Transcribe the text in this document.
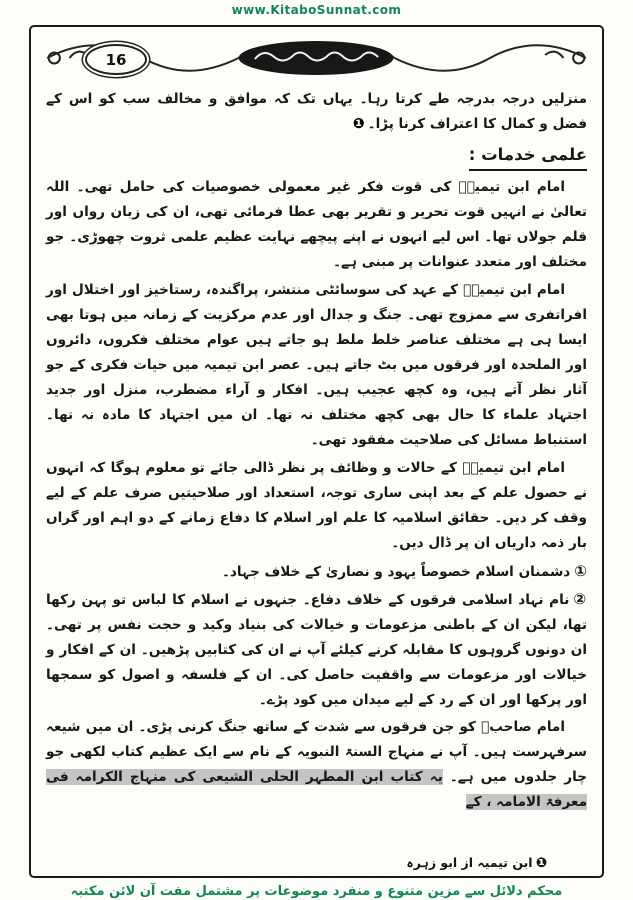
www.KitaboSunnat.com
16

منزلیں درجہ بدرجہ طے کرتا رہا۔ یہاں تک کہ موافق و مخالف سب کو اس کے فضل و کمال کا اعتراف کرنا پڑا۔❶

علمی خدمات :

امام ابن تیمیہؒ کی قوت فکر غیر معمولی خصوصیات کی حامل تھی۔ اللہ تعالیٰ نے انہیں قوت تحریر و تقریر بھی عطا فرمائی تھی، ان کی زبان رواں اور قلم جولاں تھا۔ اس لیے انہوں نے اپنے پیچھے نہایت عظیم علمی ثروت چھوڑی۔ جو مختلف اور متعدد عنوانات پر مبنی ہے۔

امام ابن تیمیہؒ کے عہد کی سوسائٹی منتشر، پراگندہ، رستاخیز اور اختلال اور افراتفری سے ممزوج تھی۔ جنگ و جدال اور عدم مرکزیت کے زمانہ میں ہوتا بھی ایسا ہی ہے مختلف عناصر خلط ملط ہو جاتے ہیں عوام مختلف فکروں، دائروں اور الملحدہ اور فرقوں میں بٹ جاتے ہیں۔ عصر ابن تیمیہ میں حیات فکری کے جو آثار نظر آتے ہیں، وہ کچھ عجیب ہیں۔ افکار و آراء مضطرب، منزل اور جدید اجتہاد علماء کا حال بھی کچھ مختلف نہ تھا۔ ان میں اجتہاد کا مادہ نہ تھا۔ استنباط مسائل کی صلاحیت مفقود تھی۔

امام ابن تیمیہؒ کے حالات و وظائف پر نظر ڈالی جائے تو معلوم ہوگا کہ انہوں نے حصول علم کے بعد اپنی ساری توجہ، استعداد اور صلاحیتیں صرف علم کے لیے وقف کر دیں۔ حقائق اسلامیہ کا علم اور اسلام کا دفاع زمانے کے دو اہم اور گراں بار ذمہ داریاں ان پر ڈال دیں۔

①دشمنان اسلام خصوصاً یہود و نصاریٰ کے خلاف جہاد۔
②نام نہاد اسلامی فرقوں کے خلاف دفاع۔ جنہوں نے اسلام کا لباس تو پہن رکھا تھا، لیکن ان کے باطنی مزعومات و خیالات کی بنیاد وکید و حجت نفس پر تھی۔ ان دونوں گروہوں کا مقابلہ کرنے کیلئے آپ نے ان کی کتابیں پڑھیں۔ ان کے افکار و خیالات اور مزعومات سے واقفیت حاصل کی۔ ان کے فلسفہ و اصول کو سمجھا اور پرکھا اور ان کے رد کے لیے میدان میں کود پڑے۔

امام صاحبؒ کو جن فرقوں سے شدت کے ساتھ جنگ کرنی پڑی۔ ان میں شیعہ سرفہرست ہیں۔ آپ نے منہاج السنۃ النبویہ کے نام سے ایک عظیم کتاب لکھی جو چار جلدوں میں ہے۔ یہ کتاب ابن المطہر الحلی الشیعی کی منہاج الکرامہ فی معرفۃ الامامہ ، کے

❶ابن تیمیہ از ابو زہرہ
محکم دلائل سے مزین متنوع و منفرد موضوعات پر مشتمل مفت آن لائن مکتبہ
